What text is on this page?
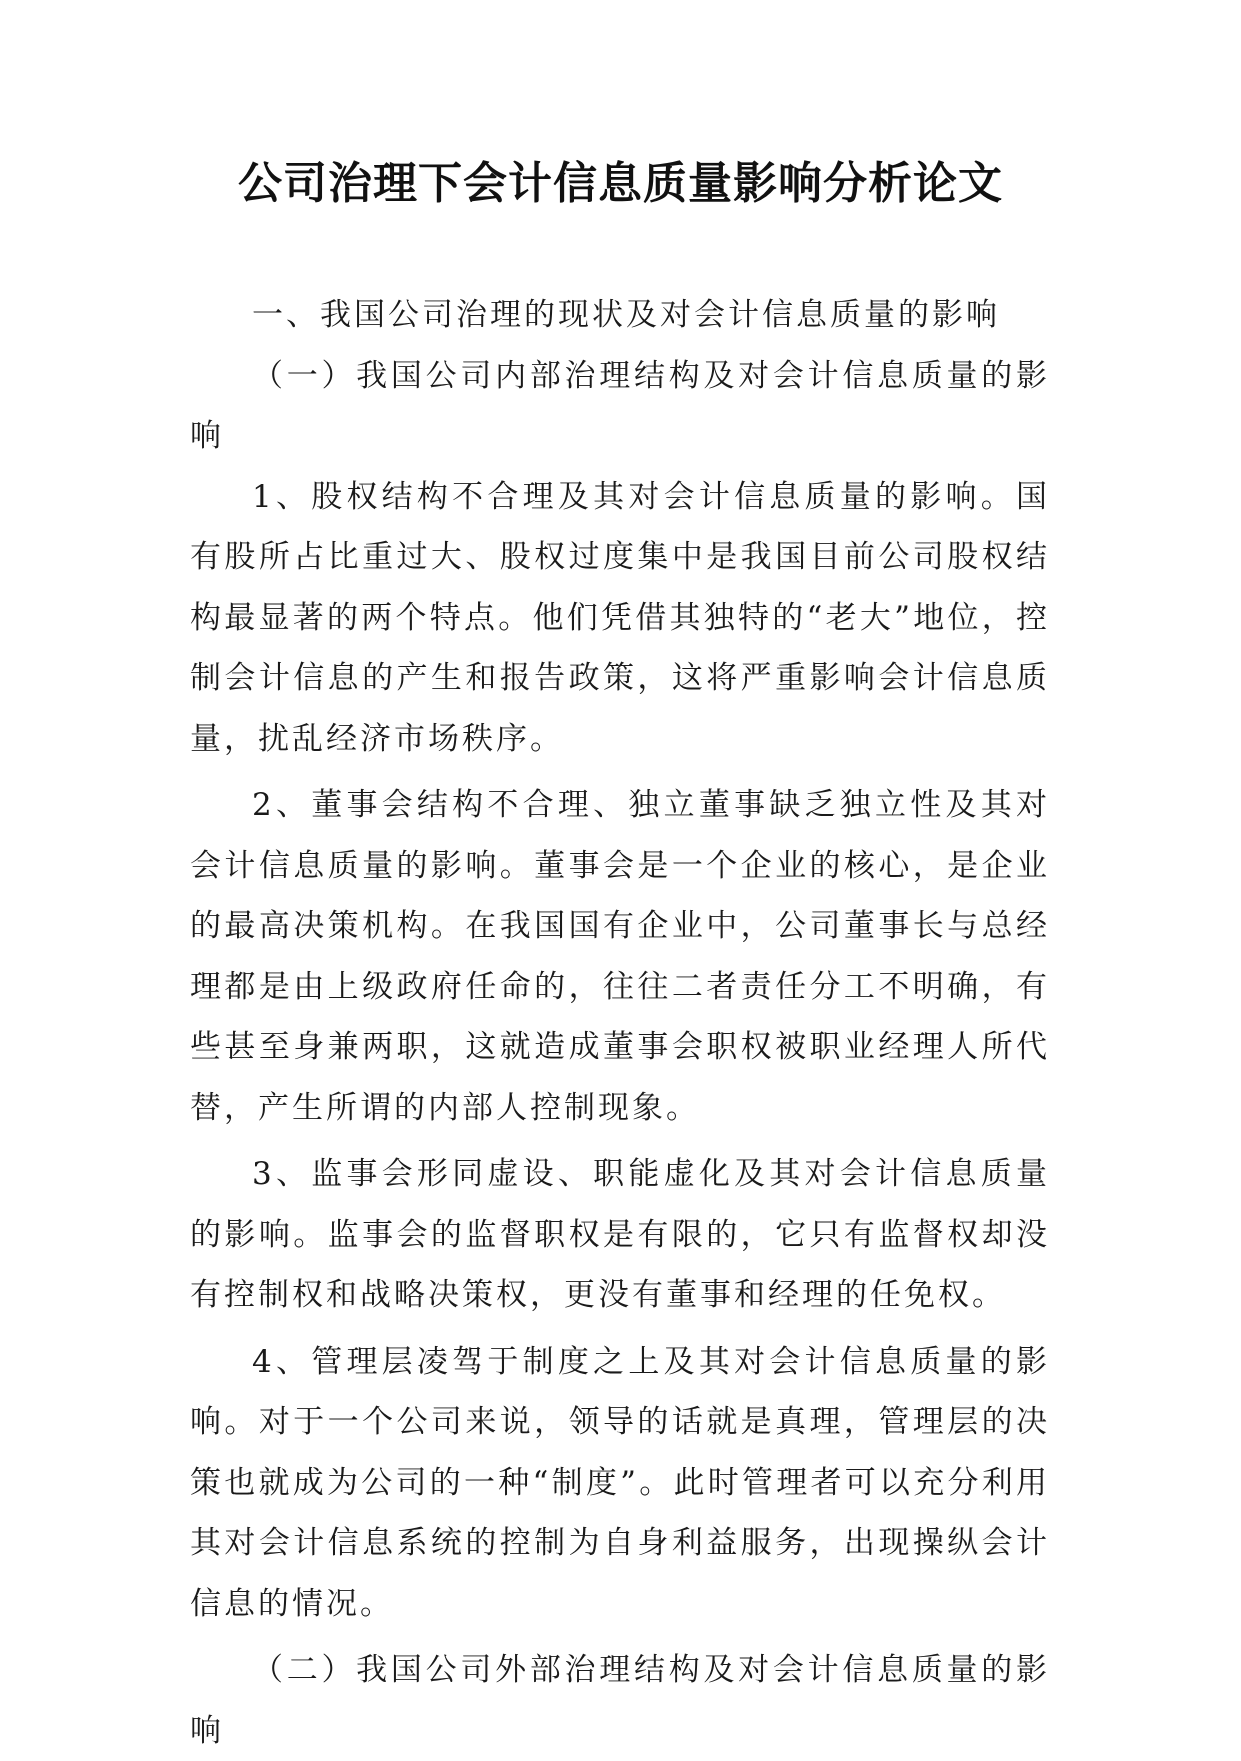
公司治理下会计信息质量影响分析论文

一、我国公司治理的现状及对会计信息质量的影响

（一）我国公司内部治理结构及对会计信息质量的影响

1、股权结构不合理及其对会计信息质量的影响。国有股所占比重过大、股权过度集中是我国目前公司股权结构最显著的两个特点。他们凭借其独特的“老大”地位，控制会计信息的产生和报告政策，这将严重影响会计信息质量，扰乱经济市场秩序。

2、董事会结构不合理、独立董事缺乏独立性及其对会计信息质量的影响。董事会是一个企业的核心，是企业的最高决策机构。在我国国有企业中，公司董事长与总经理都是由上级政府任命的，往往二者责任分工不明确，有些甚至身兼两职，这就造成董事会职权被职业经理人所代替，产生所谓的内部人控制现象。

3、监事会形同虚设、职能虚化及其对会计信息质量的影响。监事会的监督职权是有限的，它只有监督权却没有控制权和战略决策权，更没有董事和经理的任免权。

4、管理层凌驾于制度之上及其对会计信息质量的影响。对于一个公司来说，领导的话就是真理，管理层的决策也就成为公司的一种“制度”。此时管理者可以充分利用其对会计信息系统的控制为自身利益服务，出现操纵会计信息的情况。

（二）我国公司外部治理结构及对会计信息质量的影响
